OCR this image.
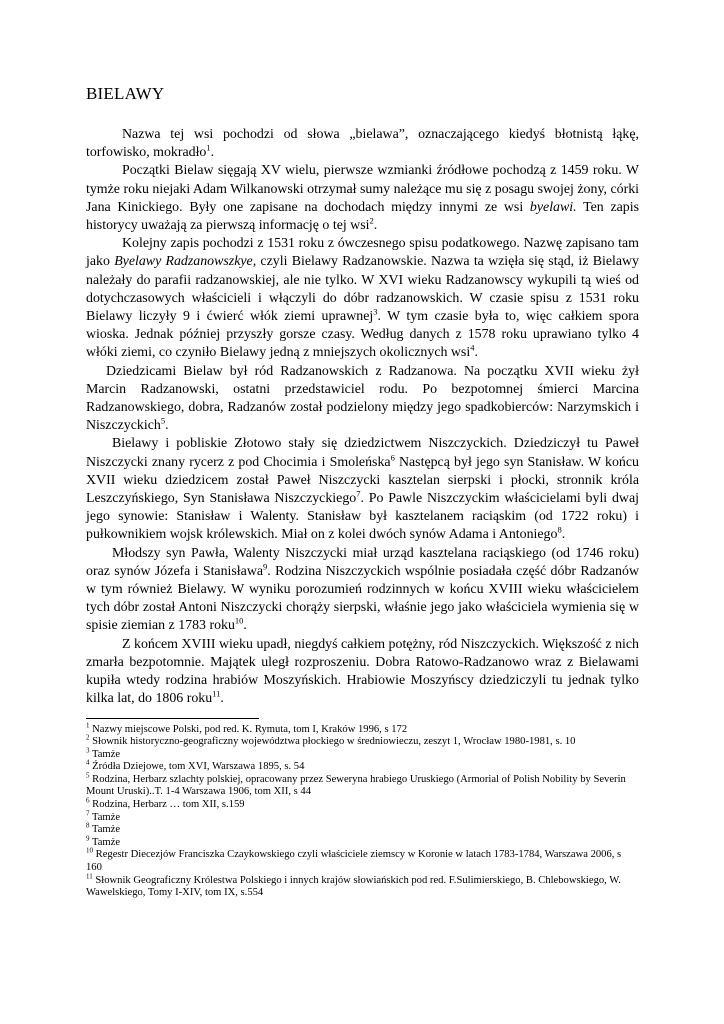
BIELAWY

Nazwa tej wsi pochodzi od słowa „bielawa”, oznaczającego kiedyś błotnistą łąkę, torfowisko, mokradło$^1$.

Początki Bielaw sięgają XV wielu, pierwsze wzmianki źródłowe pochodzą z 1459 roku. W tymże roku niejaki Adam Wilkanowski otrzymał sumy należące mu się z posagu swojej żony, córki Jana Kinickiego. Były one zapisane na dochodach między innymi ze wsi byelawi. Ten zapis historycy uważają za pierwszą informację o tej wsi$^2$.

Kolejny zapis pochodzi z 1531 roku z ówczesnego spisu podatkowego. Nazwę zapisano tam jako Byelawy Radzanowszkye, czyli Bielawy Radzanowskie. Nazwa ta wzięła się stąd, iż Bielawy należały do parafii radzanowskiej, ale nie tylko. W XVI wieku Radzanowscy wykupili tą wieś od dotychczasowych właścicieli i włączyli do dóbr radzanowskich. W czasie spisu z 1531 roku Bielawy liczyły 9 i ćwierć włók ziemi uprawnej$^3$. W tym czasie była to, więc całkiem spora wioska. Jednak później przyszły gorsze czasy. Według danych z 1578 roku uprawiano tylko 4 włóki ziemi, co czyniło Bielawy jedną z mniejszych okolicznych wsi$^4$.

Dziedzicami Bielaw był ród Radzanowskich z Radzanowa. Na początku XVII wieku żył Marcin Radzanowski, ostatni przedstawiciel rodu. Po bezpotomnej śmierci Marcina Radzanowskiego, dobra, Radzanów został podzielony między jego spadkobierców: Narzymskich i Niszczyckich$^5$.

Bielawy i pobliskie Złotowo stały się dziedzictwem Niszczyckich. Dziedziczył tu Paweł Niszczycki znany rycerz z pod Chocimia i Smoleńska$^6$ Następcą był jego syn Stanisław. W końcu XVII wieku dziedzicem został Paweł Niszczycki kasztelan sierpski i płocki, stronnik króla Leszczyńskiego, Syn Stanisława Niszczyckiego$^7$. Po Pawle Niszczyckim właścicielami byli dwaj jego synowie: Stanisław i Walenty. Stanisław był kasztelanem raciąskim (od 1722 roku) i pułkownikiem wojsk królewskich. Miał on z kolei dwóch synów Adama i Antoniego$^8$.

Młodszy syn Pawła, Walenty Niszczycki miał urząd kasztelana raciąskiego (od 1746 roku) oraz synów Józefa i Stanisława$^9$. Rodzina Niszczyckich wspólnie posiadała część dóbr Radzanów w tym również Bielawy. W wyniku porozumień rodzinnych w końcu XVIII wieku właścicielem tych dóbr został Antoni Niszczycki chorąży sierpski, właśnie jego jako właściciela wymienia się w spisie ziemian z 1783 roku$^{10}$.

Z końcem XVIII wieku upadł, niegdyś całkiem potężny, ród Niszczyckich. Większość z nich zmarła bezpotomnie. Majątek uległ rozproszeniu. Dobra Ratowo-Radzanowo wraz z Bielawami kupiła wtedy rodzina hrabiów Moszyńskich. Hrabiowie Moszyńscy dziedziczyli tu jednak tylko kilka lat, do 1806 roku$^{11}$.

$^1$ Nazwy miejscowe Polski, pod red. K. Rymuta, tom I, Kraków 1996, s 172
$^2$ Słownik historyczno-geograficzny województwa płockiego w średniowieczu, zeszyt 1, Wrocław 1980-1981, s. 10
$^3$ Tamże
$^4$ Źródła Dziejowe, tom XVI, Warszawa 1895, s. 54
$^5$ Rodzina, Herbarz szlachty polskiej, opracowany przez Seweryna hrabiego Uruskiego (Armorial of Polish Nobility by Severin Mount Uruski)..T. 1-4 Warszawa 1906, tom XII, s 44
$^6$ Rodzina, Herbarz … tom XII, s.159
$^7$ Tamże
$^8$ Tamże
$^9$ Tamże
$^{10}$ Regestr Diecezjów Franciszka Czaykowskiego czyli właściciele ziemscy w Koronie w latach 1783-1784, Warszawa 2006, s 160
$^{11}$ Słownik Geograficzny Królestwa Polskiego i innych krajów słowiańskich pod red. F.Sulimierskiego, B. Chlebowskiego, W. Wawelskiego, Tomy I-XIV, tom IX, s.554
